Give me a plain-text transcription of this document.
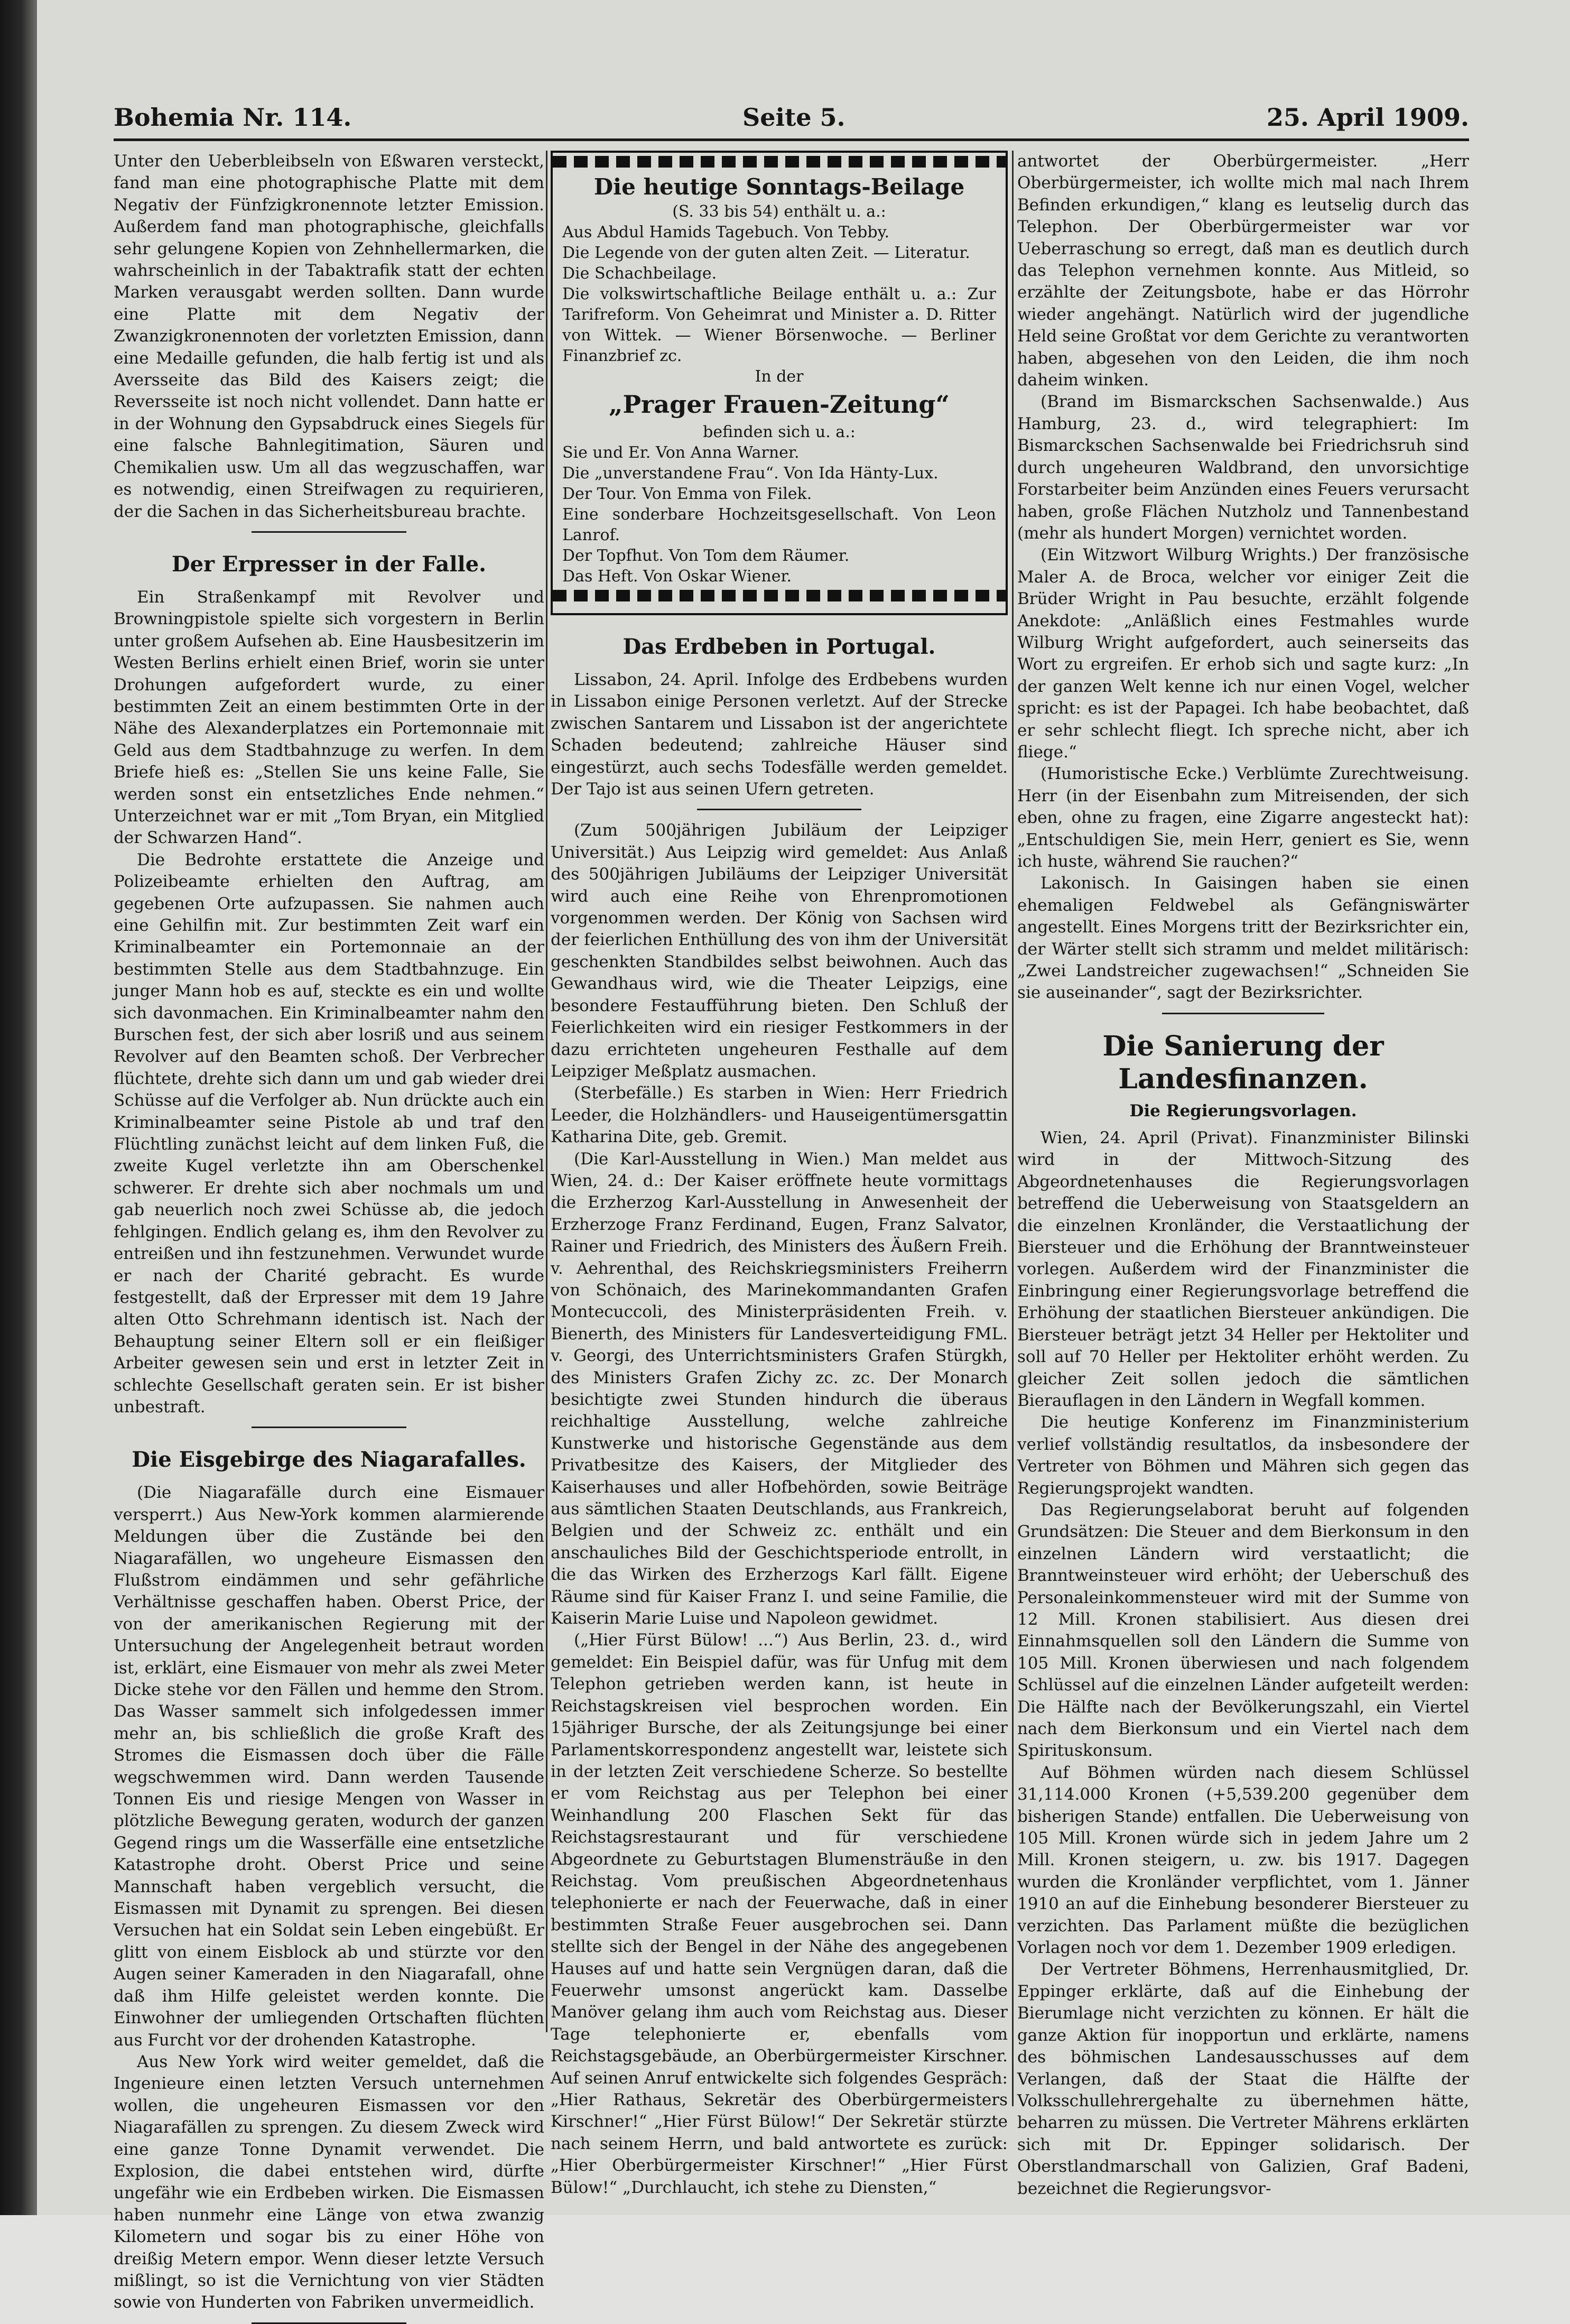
Bohemia Nr. 114.	Seite 5.	25. April 1909.

Unter den Ueberbleibseln von Eßwaren versteckt, fand man eine photographische Platte mit dem Negativ der Fünfzigkronennote letzter Emission. Außerdem fand man photographische, gleichfalls sehr gelungene Kopien von Zehnhellermarken, die wahrscheinlich in der Tabaktrafik statt der echten Marken verausgabt werden sollten. Dann wurde eine Platte mit dem Negativ der Zwanzigkronennoten der vorletzten Emission, dann eine Medaille gefunden, die halb fertig ist und als Aversseite das Bild des Kaisers zeigt; die Reversseite ist noch nicht vollendet. Dann hatte er in der Wohnung den Gypsabdruck eines Siegels für eine falsche Bahnlegitimation, Säuren und Chemikalien usw. Um all das wegzuschaffen, war es notwendig, einen Streifwagen zu requirieren, der die Sachen in das Sicherheitsbureau brachte.

Der Erpresser in der Falle.

Ein Straßenkampf mit Revolver und Browningpistole spielte sich vorgestern in Berlin unter großem Aufsehen ab. Eine Hausbesitzerin im Westen Berlins erhielt einen Brief, worin sie unter Drohungen aufgefordert wurde, zu einer bestimmten Zeit an einem bestimmten Orte in der Nähe des Alexanderplatzes ein Portemonnaie mit Geld aus dem Stadtbahnzuge zu werfen. In dem Briefe hieß es: „Stellen Sie uns keine Falle, Sie werden sonst ein entsetzliches Ende nehmen.“ Unterzeichnet war er mit „Tom Bryan, ein Mitglied der Schwarzen Hand“.

Die Bedrohte erstattete die Anzeige und Polizeibeamte erhielten den Auftrag, am gegebenen Orte aufzupassen. Sie nahmen auch eine Gehilfin mit. Zur bestimmten Zeit warf ein Kriminalbeamter ein Portemonnaie an der bestimmten Stelle aus dem Stadtbahnzuge. Ein junger Mann hob es auf, steckte es ein und wollte sich davonmachen. Ein Kriminalbeamter nahm den Burschen fest, der sich aber losriß und aus seinem Revolver auf den Beamten schoß. Der Verbrecher flüchtete, drehte sich dann um und gab wieder drei Schüsse auf die Verfolger ab. Nun drückte auch ein Kriminalbeamter seine Pistole ab und traf den Flüchtling zunächst leicht auf dem linken Fuß, die zweite Kugel verletzte ihn am Oberschenkel schwerer. Er drehte sich aber nochmals um und gab neuerlich noch zwei Schüsse ab, die jedoch fehlgingen. Endlich gelang es, ihm den Revolver zu entreißen und ihn festzunehmen. Verwundet wurde er nach der Charité gebracht. Es wurde festgestellt, daß der Erpresser mit dem 19 Jahre alten Otto Schrehmann identisch ist. Nach der Behauptung seiner Eltern soll er ein fleißiger Arbeiter gewesen sein und erst in letzter Zeit in schlechte Gesellschaft geraten sein. Er ist bisher unbestraft.

Die Eisgebirge des Niagarafalles.

(Die Niagarafälle durch eine Eismauer versperrt.) Aus New-York kommen alarmierende Meldungen über die Zustände bei den Niagarafällen, wo ungeheure Eismassen den Flußstrom eindämmen und sehr gefährliche Verhältnisse geschaffen haben. Oberst Price, der von der amerikanischen Regierung mit der Untersuchung der Angelegenheit betraut worden ist, erklärt, eine Eismauer von mehr als zwei Meter Dicke stehe vor den Fällen und hemme den Strom. Das Wasser sammelt sich infolgedessen immer mehr an, bis schließlich die große Kraft des Stromes die Eismassen doch über die Fälle wegschwemmen wird. Dann werden Tausende Tonnen Eis und riesige Mengen von Wasser in plötzliche Bewegung geraten, wodurch der ganzen Gegend rings um die Wasserfälle eine entsetzliche Katastrophe droht. Oberst Price und seine Mannschaft haben vergeblich versucht, die Eismassen mit Dynamit zu sprengen. Bei diesen Versuchen hat ein Soldat sein Leben eingebüßt. Er glitt von einem Eisblock ab und stürzte vor den Augen seiner Kameraden in den Niagarafall, ohne daß ihm Hilfe geleistet werden konnte. Die Einwohner der umliegenden Ortschaften flüchten aus Furcht vor der drohenden Katastrophe.

Aus New York wird weiter gemeldet, daß die Ingenieure einen letzten Versuch unternehmen wollen, die ungeheuren Eismassen vor den Niagarafällen zu sprengen. Zu diesem Zweck wird eine ganze Tonne Dynamit verwendet. Die Explosion, die dabei entstehen wird, dürfte ungefähr wie ein Erdbeben wirken. Die Eismassen haben nunmehr eine Länge von etwa zwanzig Kilometern und sogar bis zu einer Höhe von dreißig Metern empor. Wenn dieser letzte Versuch mißlingt, so ist die Vernichtung von vier Städten sowie von Hunderten von Fabriken unvermeidlich.

Die heutige Sonntags-Beilage

(S. 33 bis 54) enthält u. a.:

Aus Abdul Hamids Tagebuch. Von Tebby.

Die Legende von der guten alten Zeit. — Literatur.

Die Schachbeilage.

Die volkswirtschaftliche Beilage enthält u. a.: Zur Tarifreform. Von Geheimrat und Minister a. D. Ritter von Wittek. — Wiener Börsenwoche. — Berliner Finanzbrief zc.

In der

„Prager Frauen-Zeitung“

befinden sich u. a.:

Sie und Er. Von Anna Warner.

Die „unverstandene Frau“. Von Ida Hänty-Lux.

Der Tour. Von Emma von Filek.

Eine sonderbare Hochzeitsgesellschaft. Von Leon Lanrof.

Der Topfhut. Von Tom dem Räumer.

Das Heft. Von Oskar Wiener.

Das Erdbeben in Portugal.

Lissabon, 24. April. Infolge des Erdbebens wurden in Lissabon einige Personen verletzt. Auf der Strecke zwischen Santarem und Lissabon ist der angerichtete Schaden bedeutend; zahlreiche Häuser sind eingestürzt, auch sechs Todesfälle werden gemeldet. Der Tajo ist aus seinen Ufern getreten.

(Zum 500jährigen Jubiläum der Leipziger Universität.) Aus Leipzig wird gemeldet: Aus Anlaß des 500jährigen Jubiläums der Leipziger Universität wird auch eine Reihe von Ehrenpromotionen vorgenommen werden. Der König von Sachsen wird der feierlichen Enthüllung des von ihm der Universität geschenkten Standbildes selbst beiwohnen. Auch das Gewandhaus wird, wie die Theater Leipzigs, eine besondere Festaufführung bieten. Den Schluß der Feierlichkeiten wird ein riesiger Festkommers in der dazu errichteten ungeheuren Festhalle auf dem Leipziger Meßplatz ausmachen.

(Sterbefälle.) Es starben in Wien: Herr Friedrich Leeder, die Holzhändlers- und Hauseigentümersgattin Katharina Dite, geb. Gremit.

(Die Karl-Ausstellung in Wien.) Man meldet aus Wien, 24. d.: Der Kaiser eröffnete heute vormittags die Erzherzog Karl-Ausstellung in Anwesenheit der Erzherzoge Franz Ferdinand, Eugen, Franz Salvator, Rainer und Friedrich, des Ministers des Äußern Freih. v. Aehrenthal, des Reichskriegsministers Freiherrn von Schönaich, des Marinekommandanten Grafen Montecuccoli, des Ministerpräsidenten Freih. v. Bienerth, des Ministers für Landesverteidigung FML. v. Georgi, des Unterrichtsministers Grafen Stürgkh, des Ministers Grafen Zichy zc. zc. Der Monarch besichtigte zwei Stunden hindurch die überaus reichhaltige Ausstellung, welche zahlreiche Kunstwerke und historische Gegenstände aus dem Privatbesitze des Kaisers, der Mitglieder des Kaiserhauses und aller Hofbehörden, sowie Beiträge aus sämtlichen Staaten Deutschlands, aus Frankreich, Belgien und der Schweiz zc. enthält und ein anschauliches Bild der Geschichtsperiode entrollt, in die das Wirken des Erzherzogs Karl fällt. Eigene Räume sind für Kaiser Franz I. und seine Familie, die Kaiserin Marie Luise und Napoleon gewidmet.

(„Hier Fürst Bülow! ...“) Aus Berlin, 23. d., wird gemeldet: Ein Beispiel dafür, was für Unfug mit dem Telephon getrieben werden kann, ist heute in Reichstagskreisen viel besprochen worden. Ein 15jähriger Bursche, der als Zeitungsjunge bei einer Parlamentskorrespondenz angestellt war, leistete sich in der letzten Zeit verschiedene Scherze. So bestellte er vom Reichstag aus per Telephon bei einer Weinhandlung 200 Flaschen Sekt für das Reichstagsrestaurant und für verschiedene Abgeordnete zu Geburtstagen Blumensträuße in den Reichstag. Vom preußischen Abgeordnetenhaus telephonierte er nach der Feuerwache, daß in einer bestimmten Straße Feuer ausgebrochen sei. Dann stellte sich der Bengel in der Nähe des angegebenen Hauses auf und hatte sein Vergnügen daran, daß die Feuerwehr umsonst angerückt kam. Dasselbe Manöver gelang ihm auch vom Reichstag aus. Dieser Tage telephonierte er, ebenfalls vom Reichstagsgebäude, an Oberbürgermeister Kirschner. Auf seinen Anruf entwickelte sich folgendes Gespräch: „Hier Rathaus, Sekretär des Oberbürgermeisters Kirschner!“ „Hier Fürst Bülow!“ Der Sekretär stürzte nach seinem Herrn, und bald antwortete es zurück: „Hier Oberbürgermeister Kirschner!“ „Hier Fürst Bülow!“ „Durchlaucht, ich stehe zu Diensten,“

antwortet der Oberbürgermeister. „Herr Oberbürgermeister, ich wollte mich mal nach Ihrem Befinden erkundigen,“ klang es leutselig durch das Telephon. Der Oberbürgermeister war vor Ueberraschung so erregt, daß man es deutlich durch das Telephon vernehmen konnte. Aus Mitleid, so erzählte der Zeitungsbote, habe er das Hörrohr wieder angehängt. Natürlich wird der jugendliche Held seine Großtat vor dem Gerichte zu verantworten haben, abgesehen von den Leiden, die ihm noch daheim winken.

(Brand im Bismarckschen Sachsenwalde.) Aus Hamburg, 23. d., wird telegraphiert: Im Bismarckschen Sachsenwalde bei Friedrichsruh sind durch ungeheuren Waldbrand, den unvorsichtige Forstarbeiter beim Anzünden eines Feuers verursacht haben, große Flächen Nutzholz und Tannenbestand (mehr als hundert Morgen) vernichtet worden.

(Ein Witzwort Wilburg Wrights.) Der französische Maler A. de Broca, welcher vor einiger Zeit die Brüder Wright in Pau besuchte, erzählt folgende Anekdote: „Anläßlich eines Festmahles wurde Wilburg Wright aufgefordert, auch seinerseits das Wort zu ergreifen. Er erhob sich und sagte kurz: „In der ganzen Welt kenne ich nur einen Vogel, welcher spricht: es ist der Papagei. Ich habe beobachtet, daß er sehr schlecht fliegt. Ich spreche nicht, aber ich fliege.“

(Humoristische Ecke.) Verblümte Zurechtweisung. Herr (in der Eisenbahn zum Mitreisenden, der sich eben, ohne zu fragen, eine Zigarre angesteckt hat): „Entschuldigen Sie, mein Herr, geniert es Sie, wenn ich huste, während Sie rauchen?“

Lakonisch. In Gaisingen haben sie einen ehemaligen Feldwebel als Gefängniswärter angestellt. Eines Morgens tritt der Bezirksrichter ein, der Wärter stellt sich stramm und meldet militärisch: „Zwei Landstreicher zugewachsen!“ „Schneiden Sie sie auseinander“, sagt der Bezirksrichter.

Die Sanierung der Landesfinanzen.
Die Regierungsvorlagen.

Wien, 24. April (Privat). Finanzminister Bilinski wird in der Mittwoch-Sitzung des Abgeordnetenhauses die Regierungsvorlagen betreffend die Ueberweisung von Staatsgeldern an die einzelnen Kronländer, die Verstaatlichung der Biersteuer und die Erhöhung der Branntweinsteuer vorlegen. Außerdem wird der Finanzminister die Einbringung einer Regierungsvorlage betreffend die Erhöhung der staatlichen Biersteuer ankündigen. Die Biersteuer beträgt jetzt 34 Heller per Hektoliter und soll auf 70 Heller per Hektoliter erhöht werden. Zu gleicher Zeit sollen jedoch die sämtlichen Bierauflagen in den Ländern in Wegfall kommen.

Die heutige Konferenz im Finanzministerium verlief vollständig resultatlos, da insbesondere der Vertreter von Böhmen und Mähren sich gegen das Regierungsprojekt wandten.

Das Regierungselaborat beruht auf folgenden Grundsätzen: Die Steuer and dem Bierkonsum in den einzelnen Ländern wird verstaatlicht; die Branntweinsteuer wird erhöht; der Ueberschuß des Personaleinkommensteuer wird mit der Summe von 12 Mill. Kronen stabilisiert. Aus diesen drei Einnahmsquellen soll den Ländern die Summe von 105 Mill. Kronen überwiesen und nach folgendem Schlüssel auf die einzelnen Länder aufgeteilt werden: Die Hälfte nach der Bevölkerungszahl, ein Viertel nach dem Bierkonsum und ein Viertel nach dem Spirituskonsum.

Auf Böhmen würden nach diesem Schlüssel 31,114.000 Kronen (+5,539.200 gegenüber dem bisherigen Stande) entfallen. Die Ueberweisung von 105 Mill. Kronen würde sich in jedem Jahre um 2 Mill. Kronen steigern, u. zw. bis 1917. Dagegen wurden die Kronländer verpflichtet, vom 1. Jänner 1910 an auf die Einhebung besonderer Biersteuer zu verzichten. Das Parlament müßte die bezüglichen Vorlagen noch vor dem 1. Dezember 1909 erledigen.

Der Vertreter Böhmens, Herrenhausmitglied, Dr. Eppinger erklärte, daß auf die Einhebung der Bierumlage nicht verzichten zu können. Er hält die ganze Aktion für inopportun und erklärte, namens des böhmischen Landesausschusses auf dem Verlangen, daß der Staat die Hälfte der Volksschullehrergehalte zu übernehmen hätte, beharren zu müssen. Die Vertreter Mährens erklärten sich mit Dr. Eppinger solidarisch. Der Oberstlandmarschall von Galizien, Graf Badeni, bezeichnet die Regierungsvor-
